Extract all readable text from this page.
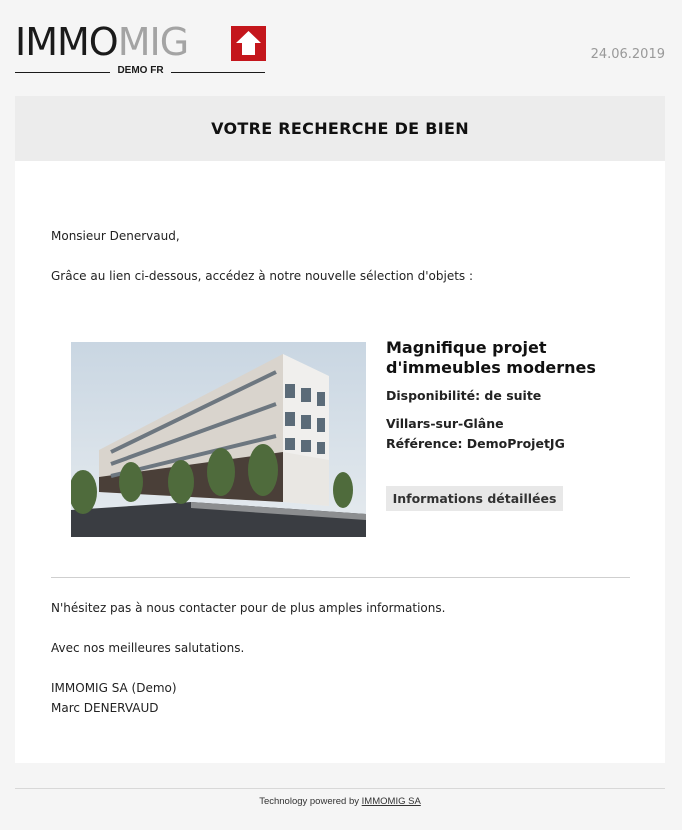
IMMOMIG
DEMO FR
24.06.2019
VOTRE RECHERCHE DE BIEN

Monsieur Denervaud,

Grâce au lien ci-dessous, accédez à notre nouvelle sélection d'objets :

Magnifique projet d'immeubles modernes

Disponibilité: de suite

Villars-sur-Glâne

Référence: DemoProjetJG

Informations détaillées

N'hésitez pas à nous contacter pour de plus amples informations.

Avec nos meilleures salutations.

IMMOMIG SA (Demo)

Marc DENERVAUD

Technology powered by IMMOMIG SA
